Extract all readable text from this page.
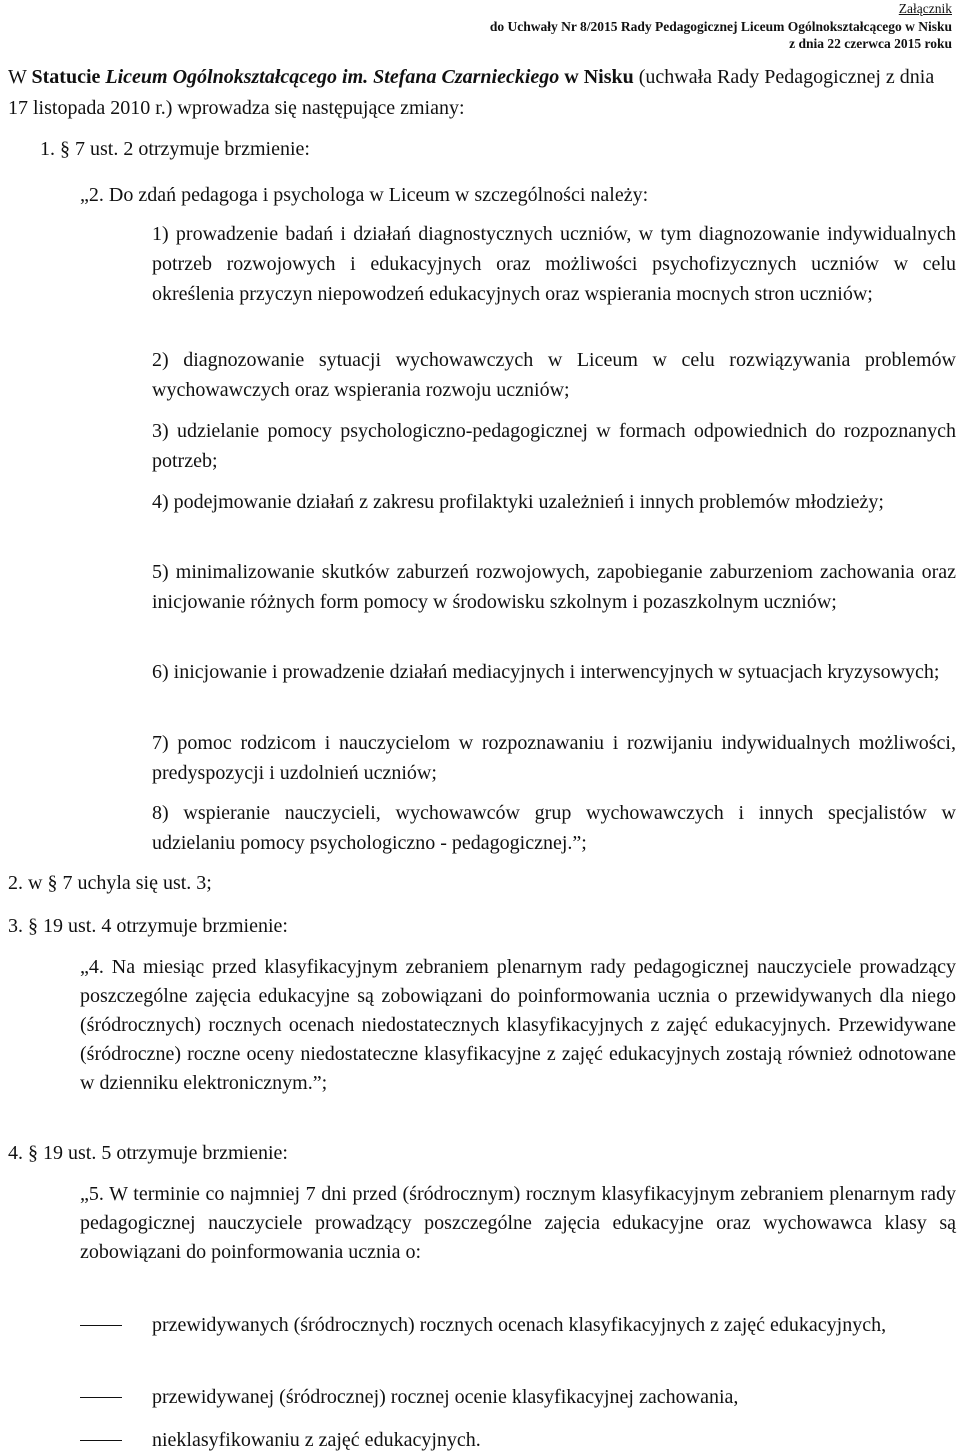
Załącznik
do Uchwały Nr 8/2015 Rady Pedagogicznej Liceum Ogólnokształcącego w Nisku
z dnia 22 czerwca 2015 roku

W Statucie Liceum Ogólnokształcącego im. Stefana Czarnieckiego w Nisku (uchwała Rady Pedagogicznej z dnia 17 listopada 2010 r.) wprowadza się następujące zmiany:

1. § 7 ust. 2 otrzymuje brzmienie:
„2. Do zdań pedagoga i psychologa w Liceum w szczególności należy:

1) prowadzenie badań i działań diagnostycznych uczniów, w tym diagnozowanie indywidualnych potrzeb rozwojowych i edukacyjnych oraz możliwości psychofizycznych uczniów w celu określenia przyczyn niepowodzeń edukacyjnych oraz wspierania mocnych stron uczniów;

2) diagnozowanie sytuacji wychowawczych w Liceum w celu rozwiązywania problemów wychowawczych oraz wspierania rozwoju uczniów;

3) udzielanie pomocy psychologiczno-pedagogicznej w formach odpowiednich do rozpoznanych potrzeb;

4) podejmowanie działań z zakresu profilaktyki uzależnień i innych problemów młodzieży;

5) minimalizowanie skutków zaburzeń rozwojowych, zapobieganie zaburzeniom zachowania oraz inicjowanie różnych form pomocy w środowisku szkolnym i pozaszkolnym uczniów;

6) inicjowanie i prowadzenie działań mediacyjnych i interwencyjnych w sytuacjach kryzysowych;

7) pomoc rodzicom i nauczycielom w rozpoznawaniu i rozwijaniu indywidualnych możliwości, predyspozycji i uzdolnień uczniów;

8) wspieranie nauczycieli, wychowawców grup wychowawczych i innych specjalistów w udzielaniu pomocy psychologiczno - pedagogicznej.”;

2. w § 7 uchyla się ust. 3;
3. § 19 ust. 4 otrzymuje brzmienie:

„4. Na miesiąc przed klasyfikacyjnym zebraniem plenarnym rady pedagogicznej nauczyciele prowadzący poszczególne zajęcia edukacyjne są zobowiązani do poinformowania ucznia o przewidywanych dla niego (śródrocznych) rocznych ocenach niedostatecznych klasyfikacyjnych z zajęć edukacyjnych. Przewidywane (śródroczne) roczne oceny niedostateczne klasyfikacyjne z zajęć edukacyjnych zostają również odnotowane w dzienniku elektronicznym.”;

4. § 19 ust. 5 otrzymuje brzmienie:

„5. W terminie co najmniej 7 dni przed (śródrocznym) rocznym klasyfikacyjnym zebraniem plenarnym rady pedagogicznej nauczyciele prowadzący poszczególne zajęcia edukacyjne oraz wychowawca klasy są zobowiązani do poinformowania ucznia o:

przewidywanych (śródrocznych) rocznych ocenach klasyfikacyjnych z zajęć edukacyjnych,

przewidywanej (śródrocznej) rocznej ocenie klasyfikacyjnej zachowania,

nieklasyfikowaniu z zajęć edukacyjnych.
